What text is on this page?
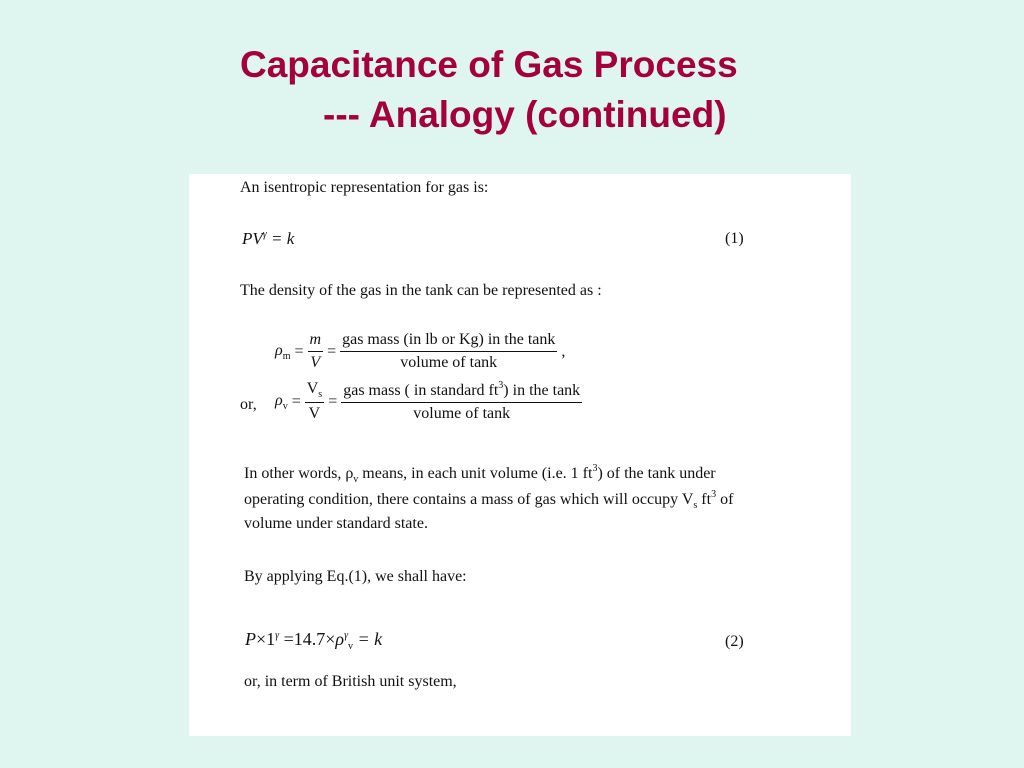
Capacitance of Gas Process
--- Analogy (continued)
An isentropic representation for gas is:
$PV^\gamma = k$	(1)
The density of the gas in the tank can be represented as :
$\rho_m = \frac{m}{V} = \frac{\text{gas mass (in lb or Kg) in the tank}}{\text{volume of tank}}$ ,
or, $\rho_v = \frac{V_s}{V} = \frac{gas mass ( in standard ft^3) in the \tan k}{\text{volume of tank}}$
In other words, $\rho_v$ means, in each unit volume (i.e. 1 $ft^3$) of the tank under
operating condition, there contains a mass of gas which will occupy $V_s$ $ft^3$ of
volume under standard state.
By applying Eq.(1), we shall have:
$P\times 1^\gamma =14.7\times\rho^\gamma_v = k$	(2)
or, in term of British unit system,
